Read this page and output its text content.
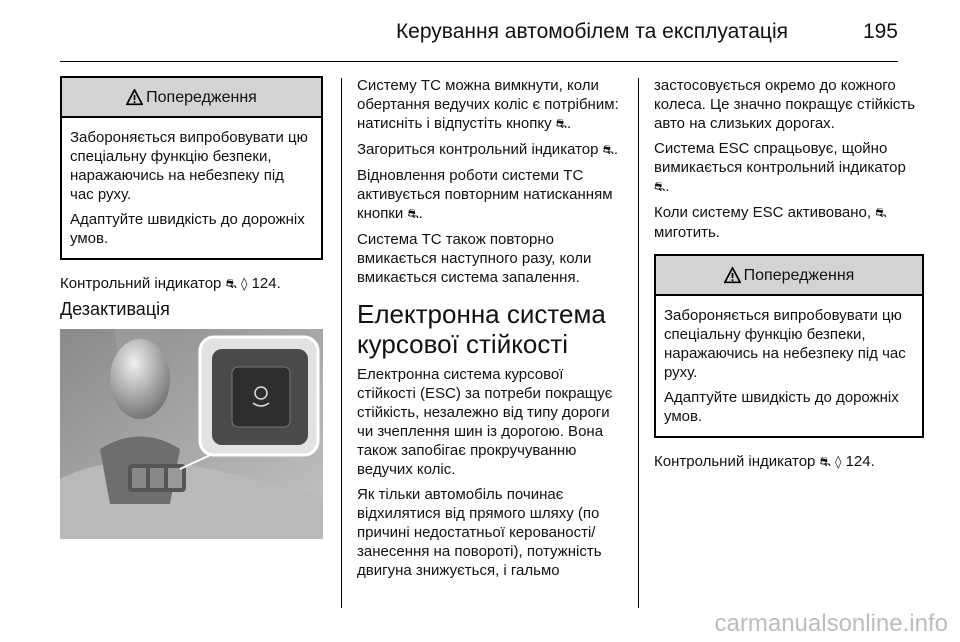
Керування автомобілем та експлуатація	195
Попередження

Забороняється випробовувати цю спеціальну функцію безпеки, наражаючись на небезпеку під час руху.

Адаптуйте швидкість до дорожніх умов.

Контрольний індикатор ⛐ ◊ 124.

Дезактивація

Систему TC можна вимкнути, коли обертання ведучих коліс є потрібним: натисніть і відпустіть кнопку ⛐.

Загориться контрольний індикатор ⛐.

Відновлення роботи системи TC активується повторним натисканням кнопки ⛐.

Система TC також повторно вмикається наступного разу, коли вмикається система запалення.

Електронна система курсової стійкості

Електронна система курсової стійкості (ESC) за потреби покращує стійкість, незалежно від типу дороги чи зчеплення шин із дорогою. Вона також запобігає прокручуванню ведучих коліс.

Як тільки автомобіль починає відхилятися від прямого шляху (по причині недостатньої керованості/ занесення на повороті), потужність двигуна знижується, і гальмо

застосовується окремо до кожного колеса. Це значно покращує стійкість авто на слизьких дорогах.

Система ESC спрацьовує, щойно вимикається контрольний індикатор ⛐.

Коли систему ESC активовано, ⛐ миготить.

Попередження

Забороняється випробовувати цю спеціальну функцію безпеки, наражаючись на небезпеку під час руху.

Адаптуйте швидкість до дорожніх умов.

Контрольний індикатор ⛐ ◊ 124.

carmanualsonline.info
